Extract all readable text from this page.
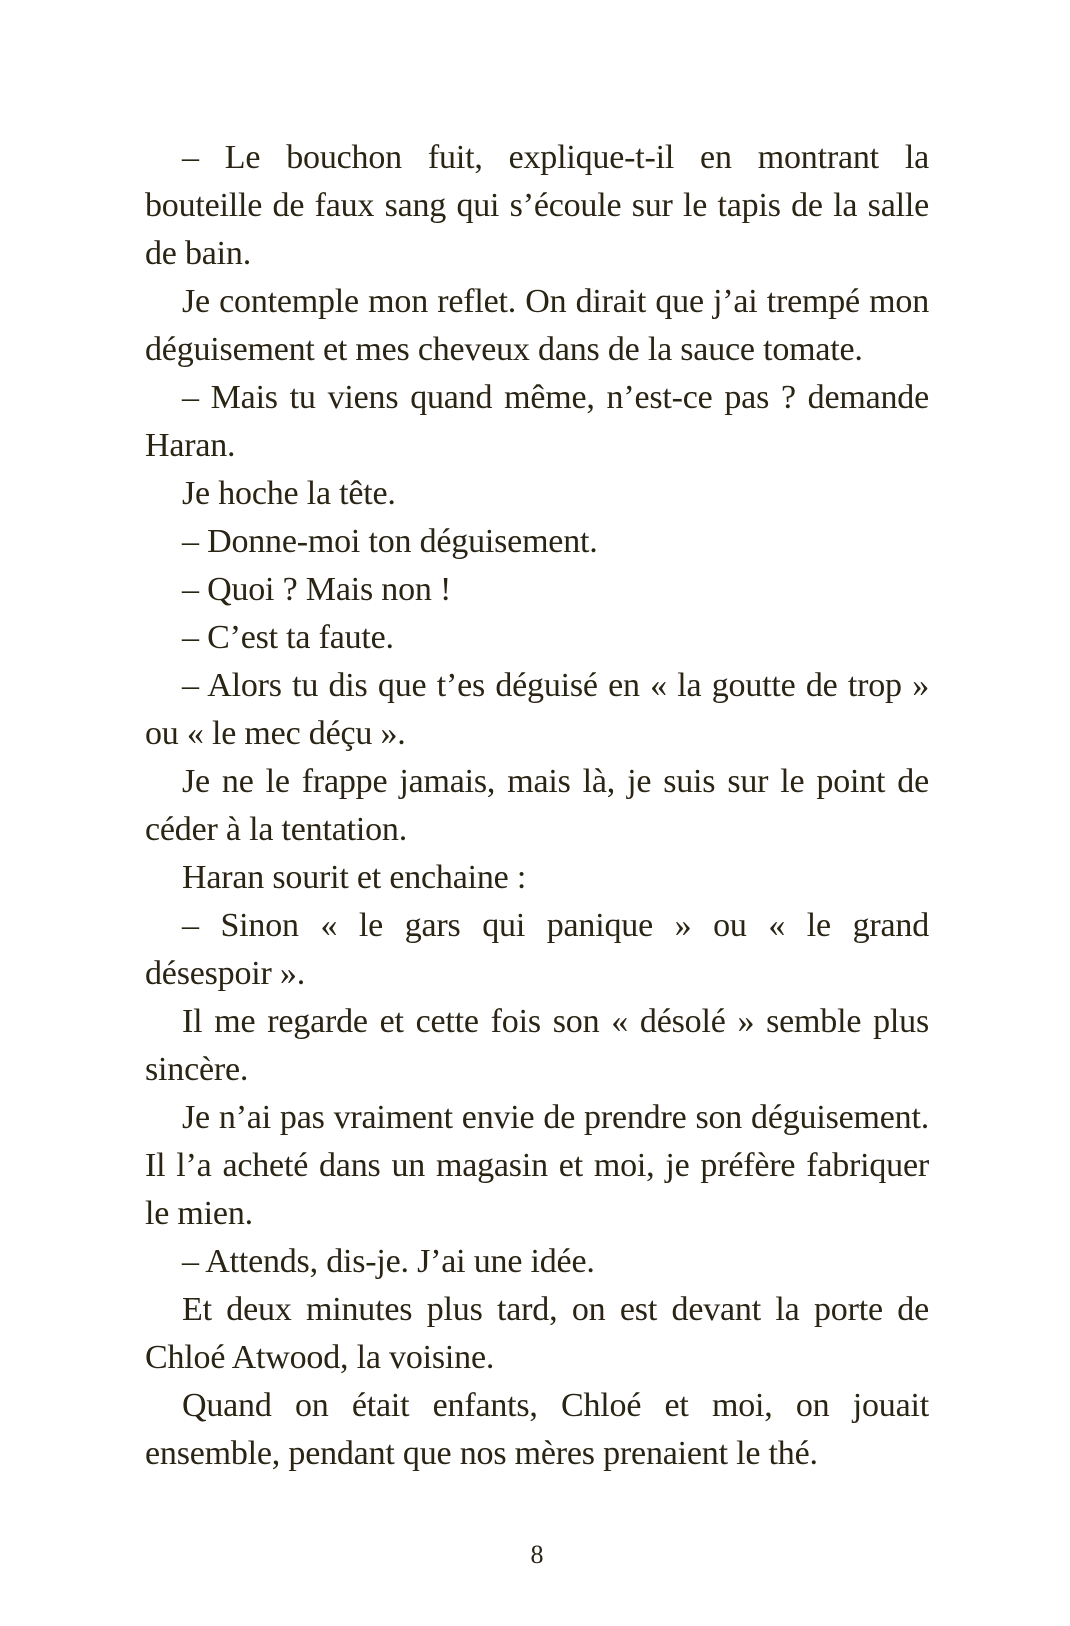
– Le bouchon fuit, explique-t-il en montrant la bouteille de faux sang qui s’écoule sur le tapis de la salle de bain.

Je contemple mon reflet. On dirait que j’ai trempé mon déguisement et mes cheveux dans de la sauce tomate.

– Mais tu viens quand même, n’est-ce pas ? demande Haran.

Je hoche la tête.

– Donne-moi ton déguisement.

– Quoi ? Mais non !

– C’est ta faute.

– Alors tu dis que t’es déguisé en « la goutte de trop » ou « le mec déçu ».

Je ne le frappe jamais, mais là, je suis sur le point de céder à la tentation.

Haran sourit et enchaine :

– Sinon « le gars qui panique » ou « le grand désespoir ».

Il me regarde et cette fois son « désolé » semble plus sincère.

Je n’ai pas vraiment envie de prendre son déguisement. Il l’a acheté dans un magasin et moi, je préfère fabriquer le mien.

– Attends, dis-je. J’ai une idée.

Et deux minutes plus tard, on est devant la porte de Chloé Atwood, la voisine.

Quand on était enfants, Chloé et moi, on jouait ensemble, pendant que nos mères prenaient le thé.

8
